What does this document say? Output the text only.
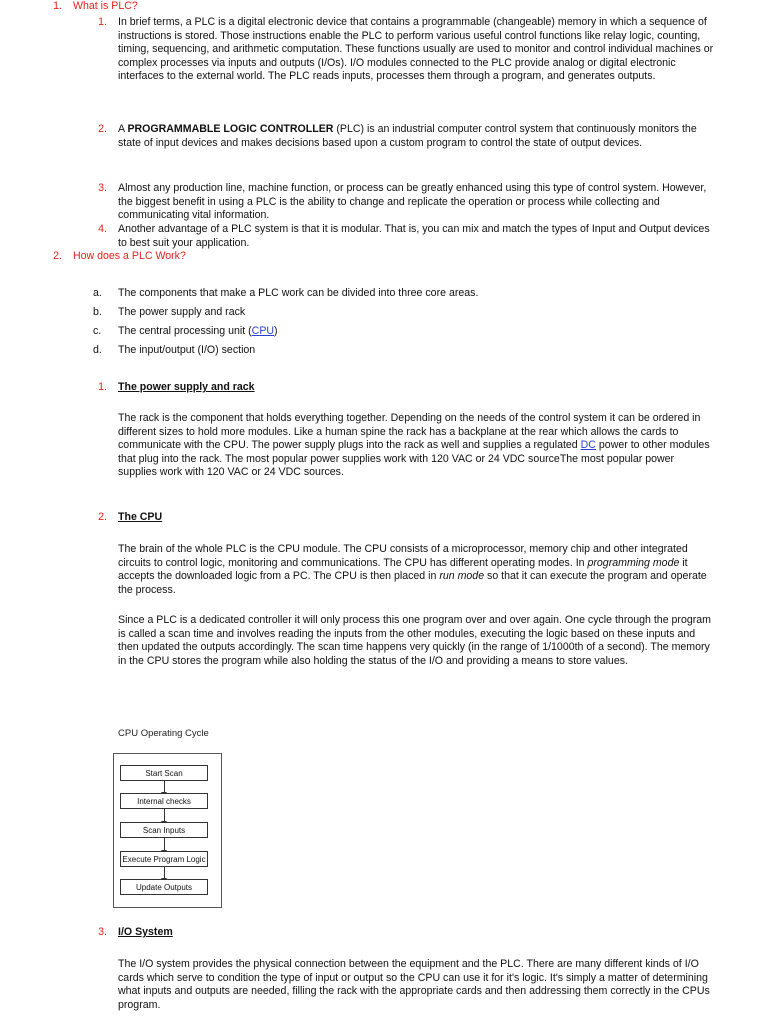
1. What is PLC?
1. In brief terms, a PLC is a digital electronic device that contains a programmable (changeable) memory in which a sequence of instructions is stored. Those instructions enable the PLC to perform various useful control functions like relay logic, counting, timing, sequencing, and arithmetic computation. These functions usually are used to monitor and control individual machines or complex processes via inputs and outputs (I/Os). I/O modules connected to the PLC provide analog or digital electronic interfaces to the external world. The PLC reads inputs, processes them through a program, and generates outputs.

2. A PROGRAMMABLE LOGIC CONTROLLER (PLC) is an industrial computer control system that continuously monitors the state of input devices and makes decisions based upon a custom program to control the state of output devices.

3. Almost any production line, machine function, or process can be greatly enhanced using this type of control system. However, the biggest benefit in using a PLC is the ability to change and replicate the operation or process while collecting and communicating vital information.

4. Another advantage of a PLC system is that it is modular. That is, you can mix and match the types of Input and Output devices to best suit your application.

2. How does a PLC Work?
a. The components that make a PLC work can be divided into three core areas.
b. The power supply and rack
c. The central processing unit (CPU)
d. The input/output (I/O) section
1. The power supply and rack

The rack is the component that holds everything together. Depending on the needs of the control system it can be ordered in different sizes to hold more modules. Like a human spine the rack has a backplane at the rear which allows the cards to communicate with the CPU. The power supply plugs into the rack as well and supplies a regulated DC power to other modules that plug into the rack. The most popular power supplies work with 120 VAC or 24 VDC sourceThe most popular power supplies work with 120 VAC or 24 VDC sources.

2. The CPU

The brain of the whole PLC is the CPU module. The CPU consists of a microprocessor, memory chip and other integrated circuits to control logic, monitoring and communications. The CPU has different operating modes. In programming mode it accepts the downloaded logic from a PC. The CPU is then placed in run mode so that it can execute the program and operate the process.

Since a PLC is a dedicated controller it will only process this one program over and over again. One cycle through the program is called a scan time and involves reading the inputs from the other modules, executing the logic based on these inputs and then updated the outputs accordingly. The scan time happens very quickly (in the range of 1/1000th of a second). The memory in the CPU stores the program while also holding the status of the I/O and providing a means to store values.

CPU Operating Cycle
Start Scan
Internal checks
Scan Inputs
Execute Program Logic
Update Outputs
3. I/O System

The I/O system provides the physical connection between the equipment and the PLC. There are many different kinds of I/O cards which serve to condition the type of input or output so the CPU can use it for it's logic. It's simply a matter of determining what inputs and outputs are needed, filling the rack with the appropriate cards and then addressing them correctly in the CPUs program.
